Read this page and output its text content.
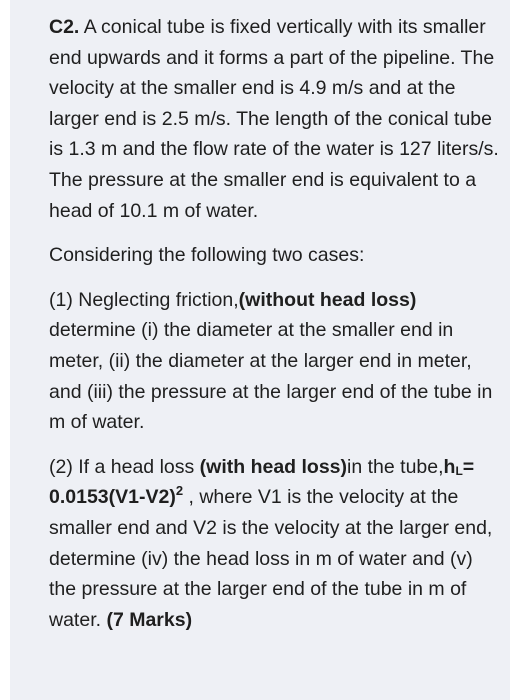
C2. A conical tube is fixed vertically with its smaller end upwards and it forms a part of the pipeline. The velocity at the smaller end is 4.9 m/s and at the larger end is 2.5 m/s. The length of the conical tube is 1.3 m and the flow rate of the water is 127 liters/s. The pressure at the smaller end is equivalent to a head of 10.1 m of water.

Considering the following two cases:

(1) Neglecting friction,(without head loss) determine (i) the diameter at the smaller end in meter, (ii) the diameter at the larger end in meter, and (iii) the pressure at the larger end of the tube in m of water.

(2) If a head loss (with head loss)in the $tube,h_L= 0.0153(V1-V2)^2$ , where V1 is the velocity at the smaller end and V2 is the velocity at the larger end, determine (iv) the head loss in m of water and (v) the pressure at the larger end of the tube in m of water. (7 Marks)
